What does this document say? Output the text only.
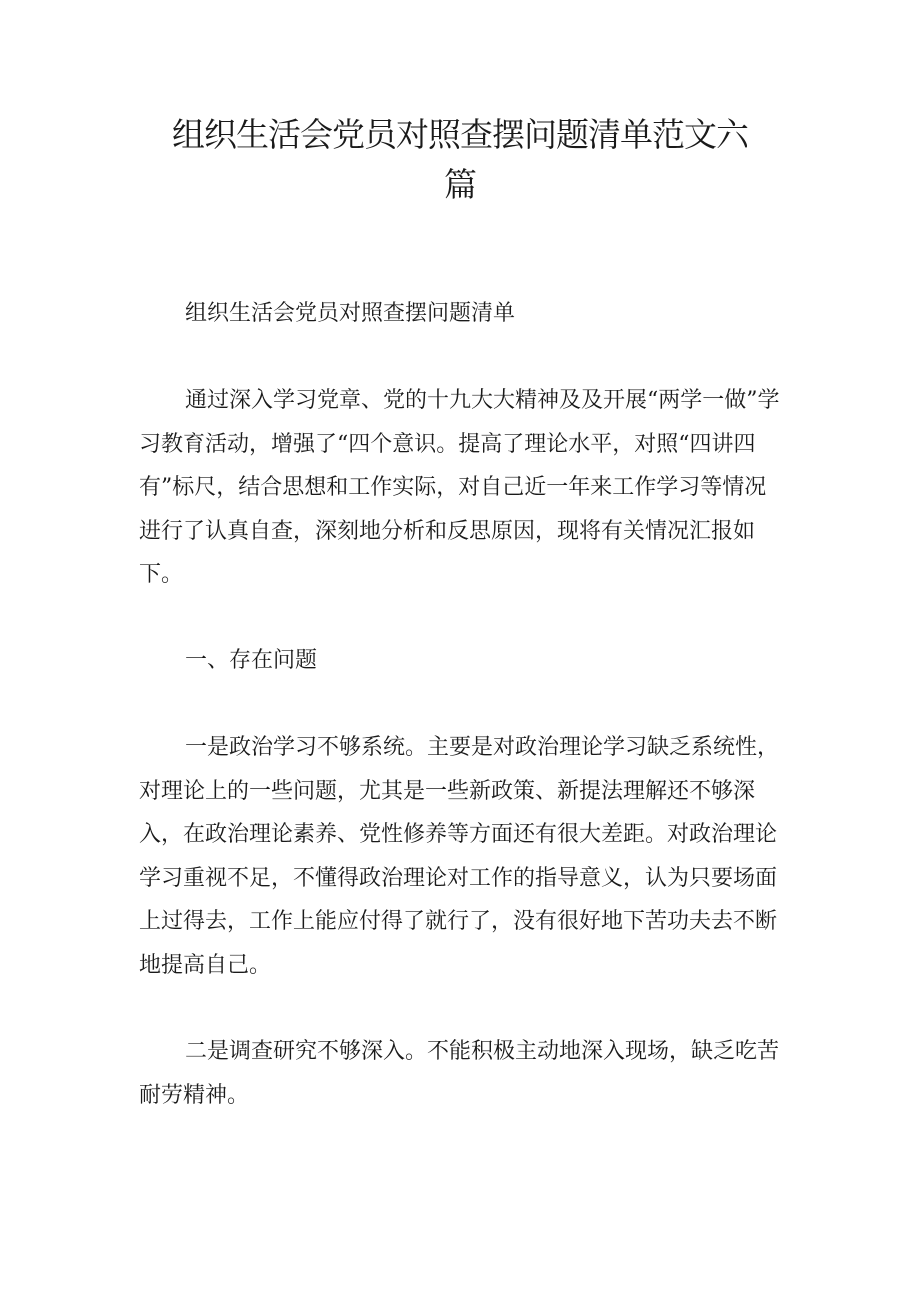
组织生活会党员对照查摆问题清单范文六篇

组织生活会党员对照查摆问题清单

通过深入学习党章、党的十九大大精神及及开展“两学一做”学习教育活动，增强了“四个意识。提高了理论水平，对照“四讲四有”标尺，结合思想和工作实际，对自己近一年来工作学习等情况进行了认真自查，深刻地分析和反思原因，现将有关情况汇报如下。

一、存在问题

一是政治学习不够系统。主要是对政治理论学习缺乏系统性，对理论上的一些问题，尤其是一些新政策、新提法理解还不够深入，在政治理论素养、党性修养等方面还有很大差距。对政治理论学习重视不足，不懂得政治理论对工作的指导意义，认为只要场面上过得去，工作上能应付得了就行了，没有很好地下苦功夫去不断地提高自己。

二是调查研究不够深入。不能积极主动地深入现场，缺乏吃苦耐劳精神。
